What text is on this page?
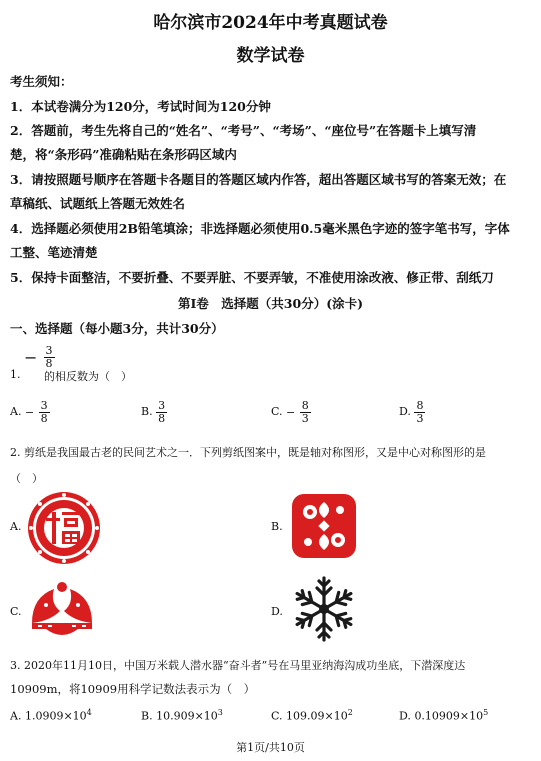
哈尔滨市2024年中考真题试卷
数学试卷
考生须知：
1．本试卷满分为120分，考试时间为120分钟
2．答题前，考生先将自己的“姓名”、“考号”、“考场”、“座位号”在答题卡上填写清
楚，将“条形码”准确粘贴在条形码区域内
3．请按照题号顺序在答题卡各题目的答题区域内作答，超出答题区域书写的答案无效；在
草稿纸、试题纸上答题无效姓名
4．选择题必须使用2B铅笔填涂；非选择题必须使用0.5毫米黑色字迹的签字笔书写，字体
工整、笔迹清楚
5．保持卡面整洁，不要折叠、不要弄脏、不要弄皱，不准使用涂改液、修正带、刮纸刀
第I卷　选择题（共30分）(涂卡)
一、选择题（每小题3分，共计30分）
− $\frac{3}{8}$
1. 的相反数为（　）
A. − $\frac{3}{8}$	B. $\frac{3}{8}$	C. − $\frac{8}{3}$	D. $\frac{8}{3}$
2. 剪纸是我国最古老的民间艺术之一．下列剪纸图案中，既是轴对称图形，又是中心对称图形的是
（　）
A.	B.
C.	D.
3. 2020年11月10日，中国万米载人潜水器“奋斗者”号在马里亚纳海沟成功坐底，下潜深度达
10909m，将10909用科学记数法表示为（　）
A. $1.0909\times 10^4$	B. $10.909\times 10^3$	C. $109.09\times 10^2$	D. $0.10909\times 10^5$
第1页/共10页
